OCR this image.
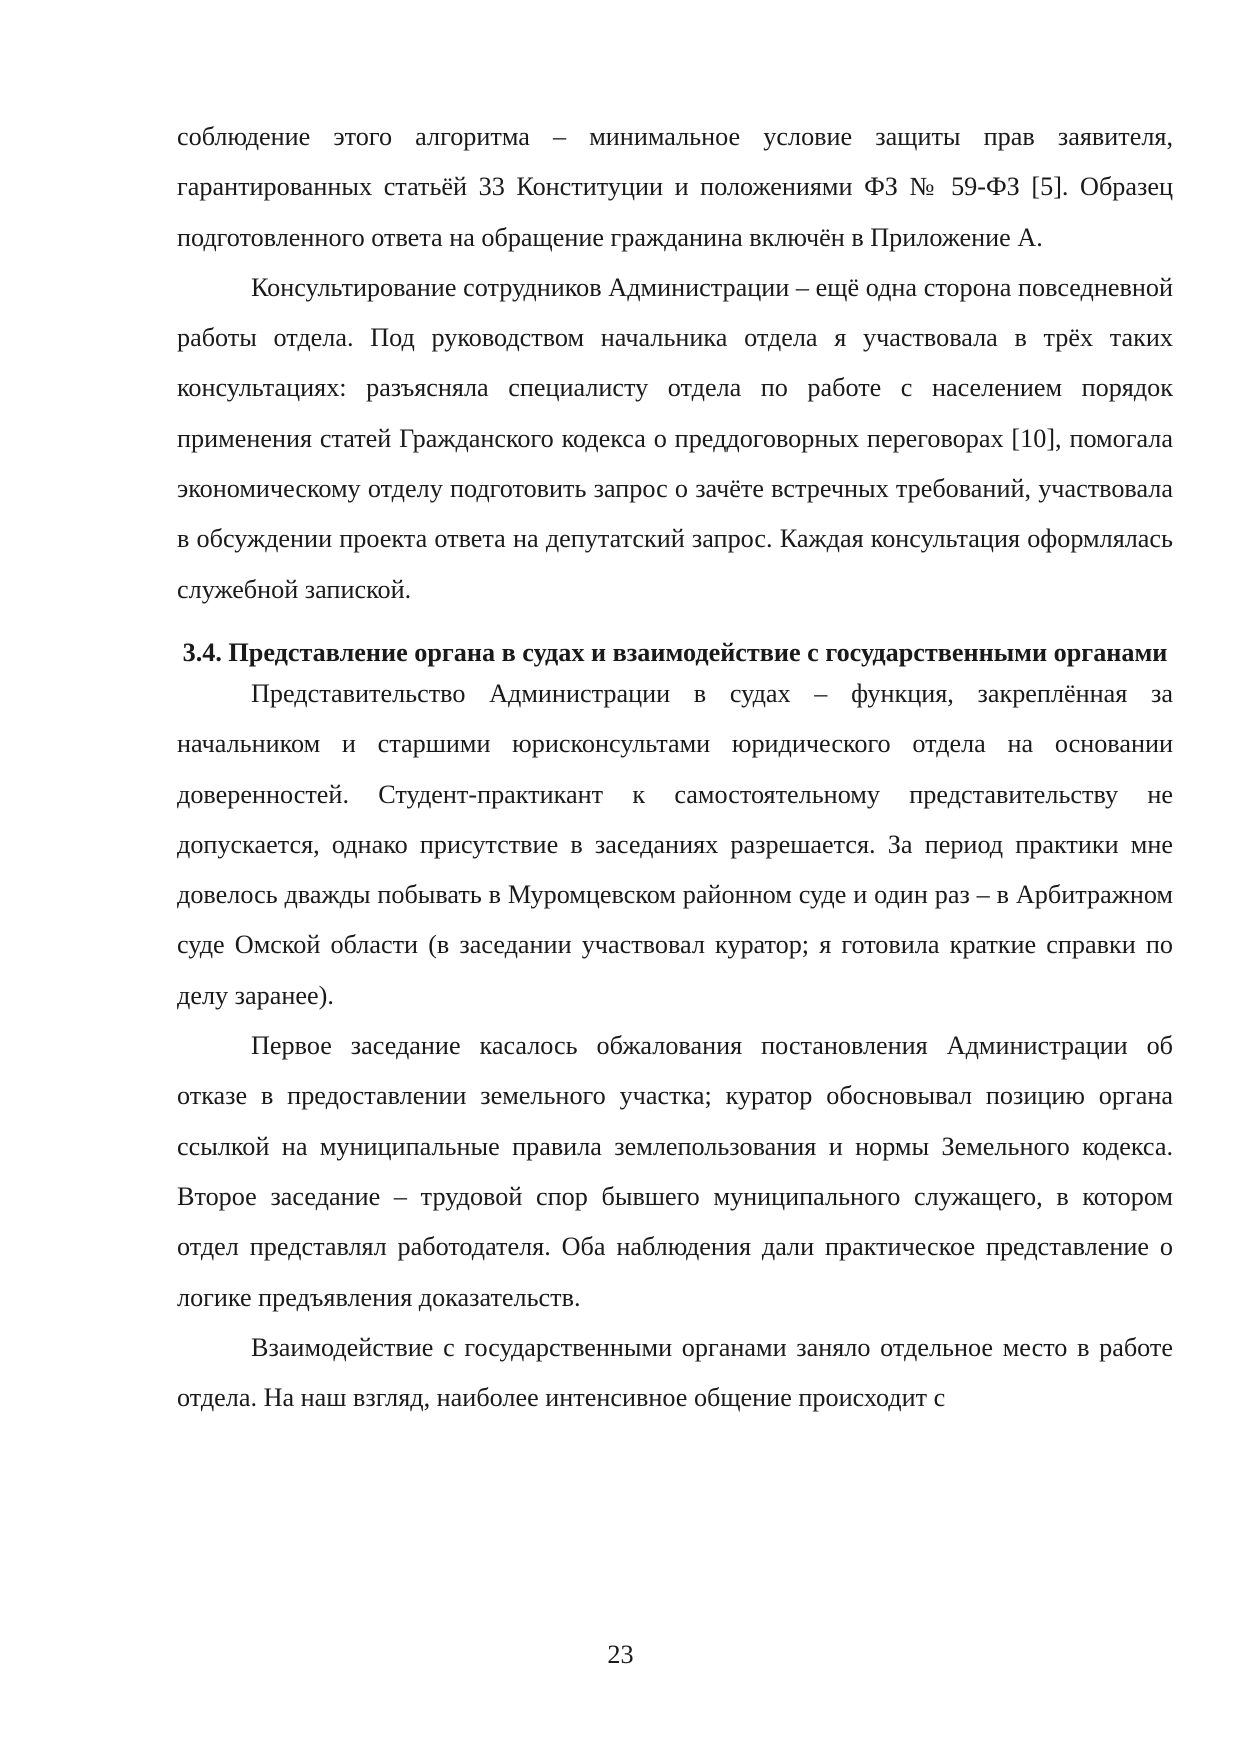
соблюдение этого алгоритма – минимальное условие защиты прав заявителя, гарантированных статьёй 33 Конституции и положениями ФЗ № 59-ФЗ [5]. Образец подготовленного ответа на обращение гражданина включён в Приложение А.

Консультирование сотрудников Администрации – ещё одна сторона повседневной работы отдела. Под руководством начальника отдела я участвовала в трёх таких консультациях: разъясняла специалисту отдела по работе с населением порядок применения статей Гражданского кодекса о преддоговорных переговорах [10], помогала экономическому отделу подготовить запрос о зачёте встречных требований, участвовала в обсуждении проекта ответа на депутатский запрос. Каждая консультация оформлялась служебной запиской.

3.4. Представление органа в судах и взаимодействие с государственными органами

Представительство Администрации в судах – функция, закреплённая за начальником и старшими юрисконсультами юридического отдела на основании доверенностей. Студент-практикант к самостоятельному представительству не допускается, однако присутствие в заседаниях разрешается. За период практики мне довелось дважды побывать в Муромцевском районном суде и один раз – в Арбитражном суде Омской области (в заседании участвовал куратор; я готовила краткие справки по делу заранее).

Первое заседание касалось обжалования постановления Администрации об отказе в предоставлении земельного участка; куратор обосновывал позицию органа ссылкой на муниципальные правила землепользования и нормы Земельного кодекса. Второе заседание – трудовой спор бывшего муниципального служащего, в котором отдел представлял работодателя. Оба наблюдения дали практическое представление о логике предъявления доказательств.

Взаимодействие с государственными органами заняло отдельное место в работе отдела. На наш взгляд, наиболее интенсивное общение происходит с

23
